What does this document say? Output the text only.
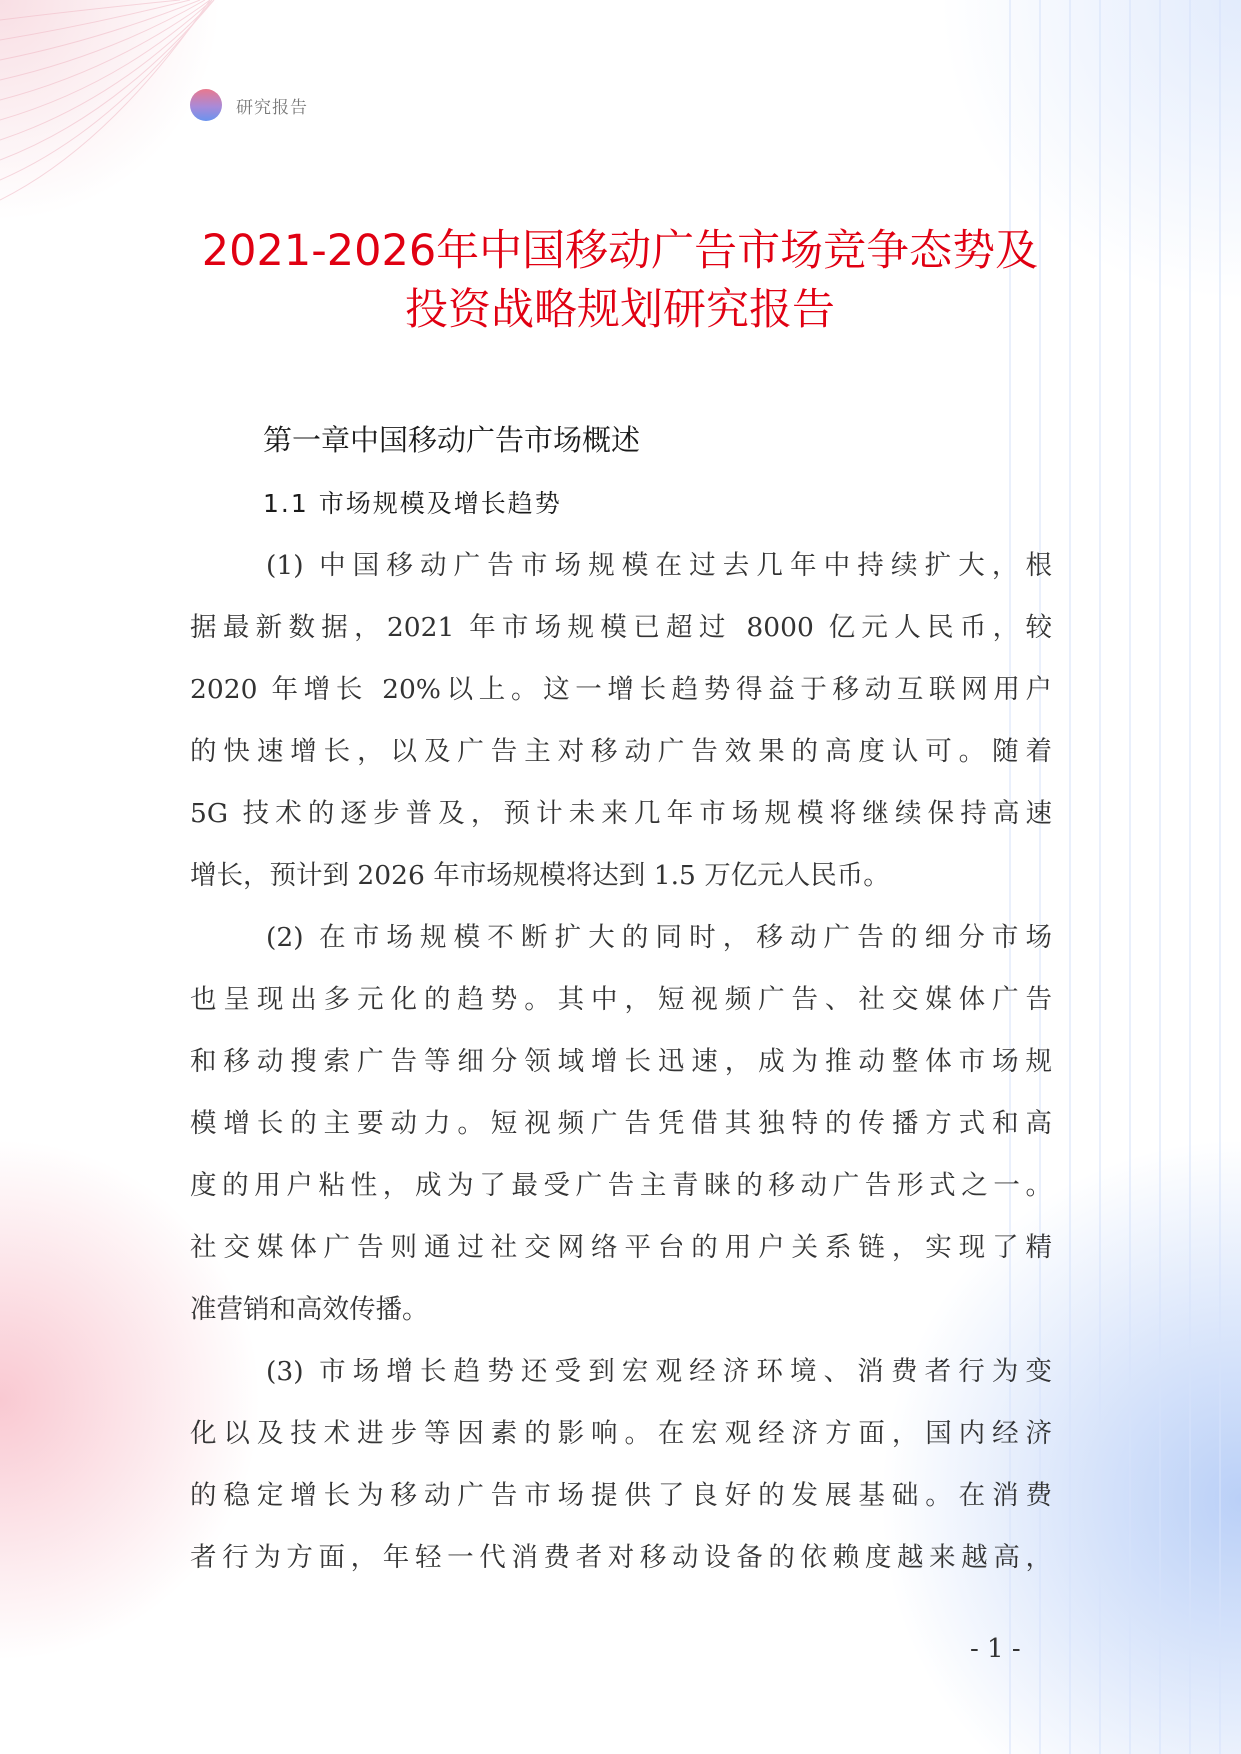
研究报告
2021-2026年中国移动广告市场竞争态势及
投资战略规划研究报告
第一章中国移动广告市场概述
1.1 市场规模及增长趋势
(1) 中国移动广告市场规模在过去几年中持续扩大，根
据最新数据，2021 年市场规模已超过 8000 亿元人民币，较
2020 年增长 20%以上。这一增长趋势得益于移动互联网用户
的快速增长，以及广告主对移动广告效果的高度认可。随着
5G 技术的逐步普及，预计未来几年市场规模将继续保持高速
增长，预计到 2026 年市场规模将达到 1.5 万亿元人民币。
(2) 在市场规模不断扩大的同时，移动广告的细分市场
也呈现出多元化的趋势。其中，短视频广告、社交媒体广告
和移动搜索广告等细分领域增长迅速，成为推动整体市场规
模增长的主要动力。短视频广告凭借其独特的传播方式和高
度的用户粘性，成为了最受广告主青睐的移动广告形式之一。
社交媒体广告则通过社交网络平台的用户关系链，实现了精
准营销和高效传播。
(3) 市场增长趋势还受到宏观经济环境、消费者行为变
化以及技术进步等因素的影响。在宏观经济方面，国内经济
的稳定增长为移动广告市场提供了良好的发展基础。在消费
者行为方面，年轻一代消费者对移动设备的依赖度越来越高，
- 1 -
